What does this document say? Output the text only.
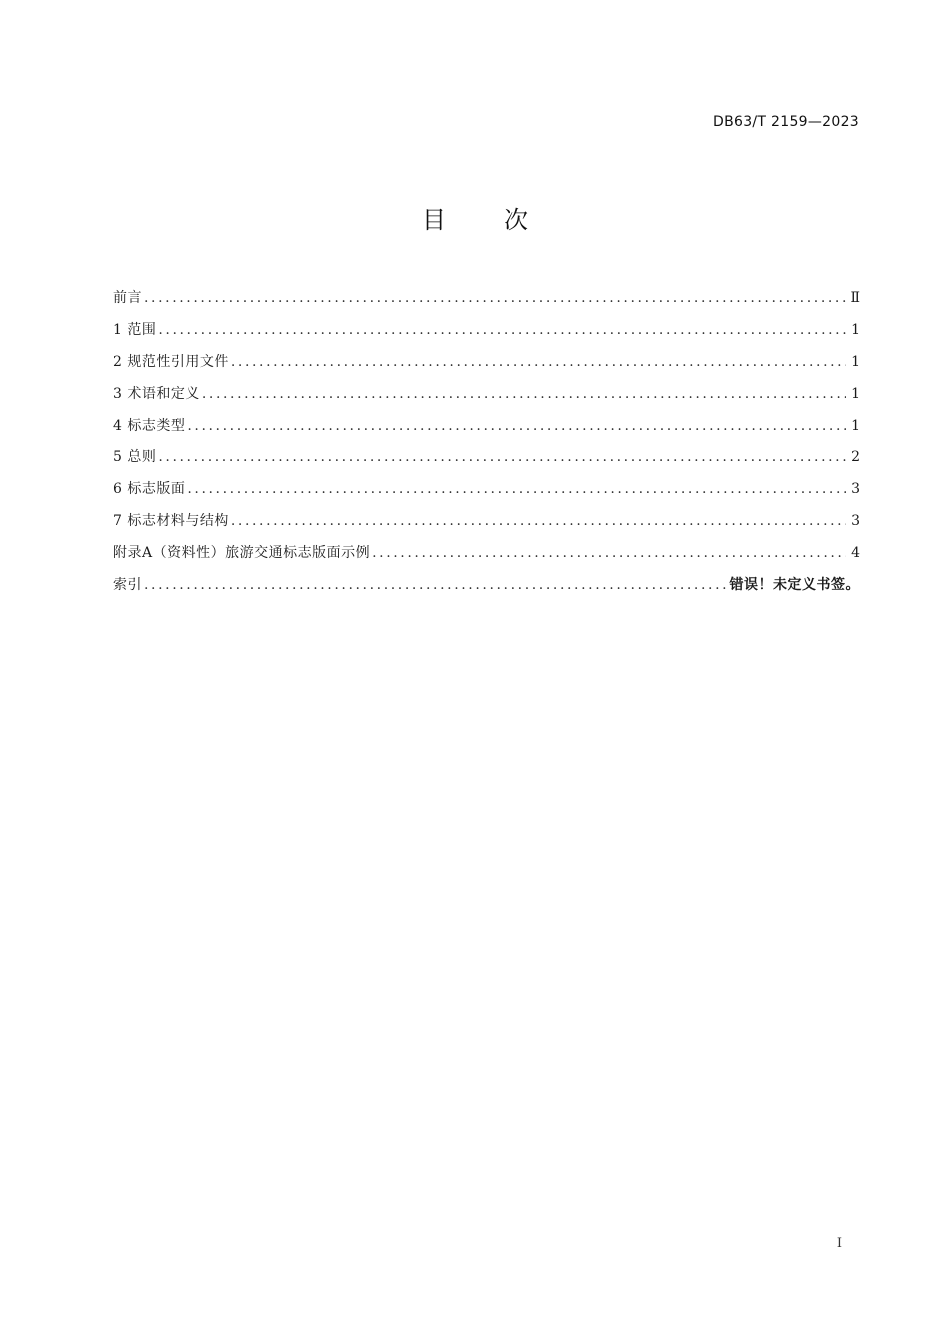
DB63/T 2159—2023
目 次
前言 .....	Ⅱ
1 范围 .....	1
2 规范性引用文件 .....	1
3 术语和定义 .....	1
4 标志类型 .....	1
5 总则 .....	2
6 标志版面 .....	3
7 标志材料与结构 .....	3
附录A（资料性）旅游交通标志版面示例 .....	4
索引 .....	错误！未定义书签。
I
